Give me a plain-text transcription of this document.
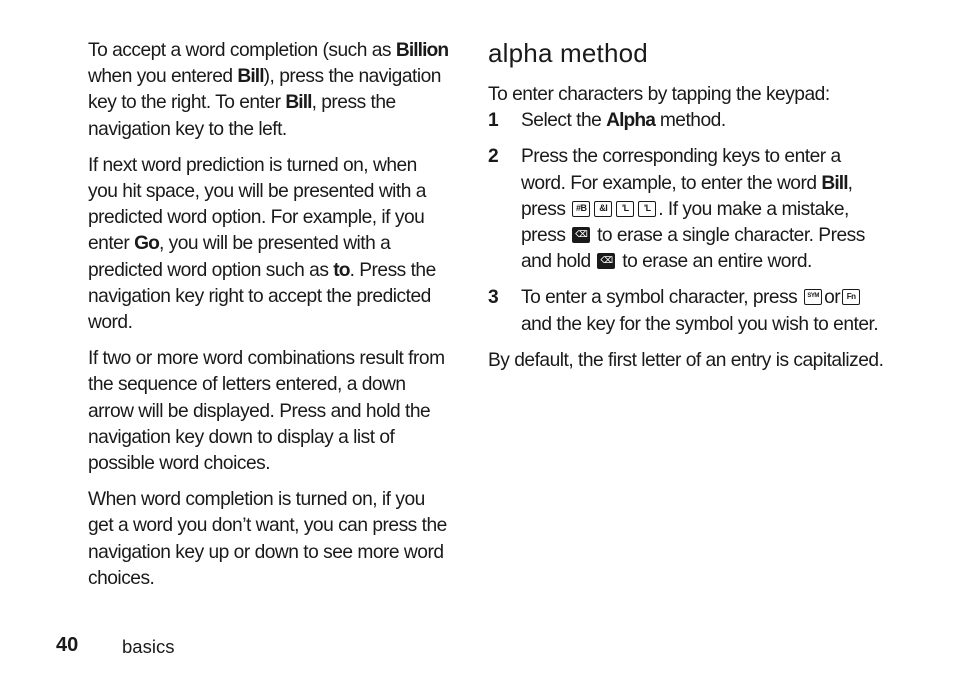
To accept a word completion (such as Billion when you entered Bill), press the navigation key to the right. To enter Bill, press the navigation key to the left.

If next word prediction is turned on, when you hit space, you will be presented with a predicted word option. For example, if you enter Go, you will be presented with a predicted word option such as to. Press the navigation key right to accept the predicted word.

If two or more word combinations result from the sequence of letters entered, a down arrow will be displayed. Press and hold the navigation key down to display a list of possible word choices.

When word completion is turned on, if you get a word you don’t want, you can press the navigation key up or down to see more word choices.

alpha method

To enter characters by tapping the keypad:

1	Select the Alpha method.
2	Press the corresponding keys to enter a word. For example, to enter the word Bill, press #B &I 'L 'L . If you make a mistake, press ⌫ to erase a single character. Press and hold ⌫ to erase an entire word.
3	To enter a symbol character, press SYM or Fn and the key for the symbol you wish to enter.

By default, the first letter of an entry is capitalized.

40 basics
